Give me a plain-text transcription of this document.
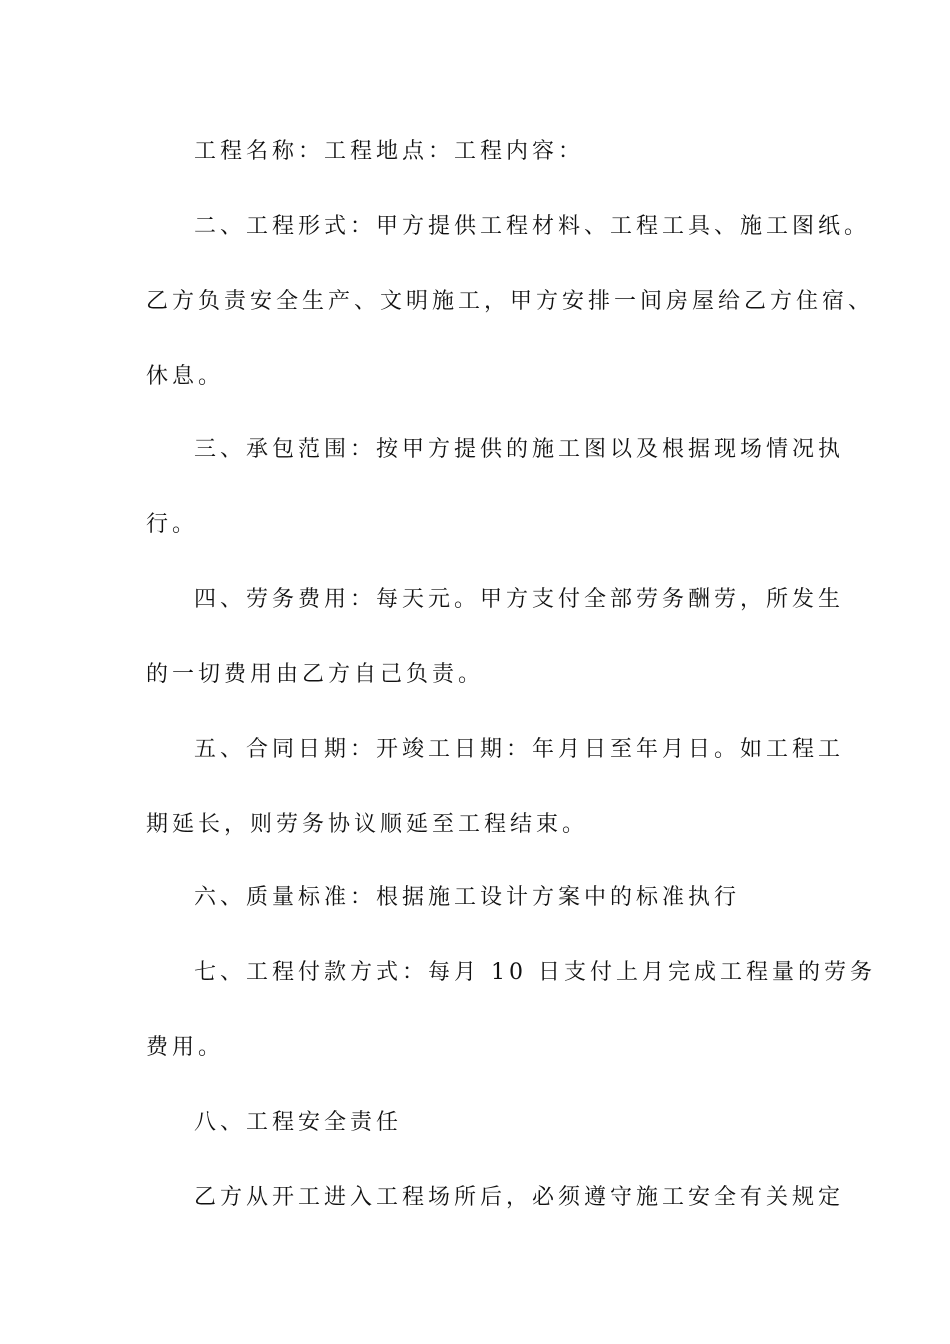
工程名称：工程地点：工程内容：
二、工程形式：甲方提供工程材料、工程工具、施工图纸。
乙方负责安全生产、文明施工，甲方安排一间房屋给乙方住宿、
休息。
三、承包范围：按甲方提供的施工图以及根据现场情况执
行。
四、劳务费用：每天元。甲方支付全部劳务酬劳，所发生
的一切费用由乙方自己负责。
五、合同日期：开竣工日期：年月日至年月日。如工程工
期延长，则劳务协议顺延至工程结束。
六、质量标准：根据施工设计方案中的标准执行
七、工程付款方式：每月 10 日支付上月完成工程量的劳务
费用。
八、工程安全责任
乙方从开工进入工程场所后，必须遵守施工安全有关规定
